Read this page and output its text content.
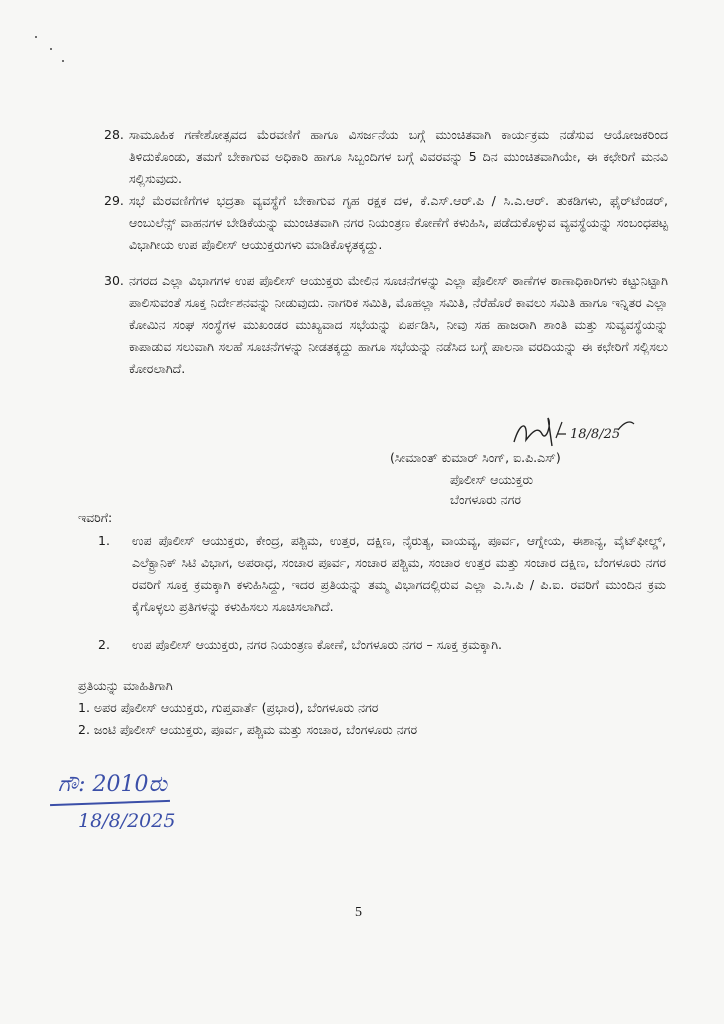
28. ಸಾಮೂಹಿಕ ಗಣೇಶೋತ್ಸವದ ಮೆರವಣಿಗೆ ಹಾಗೂ ವಿಸರ್ಜನೆಯ ಬಗ್ಗೆ ಮುಂಚಿತವಾಗಿ ಕಾರ್ಯಕ್ರಮ ನಡೆಸುವ ಆಯೋಜಕರಿಂದ ತಿಳಿದುಕೊಂಡು, ತಮಗೆ ಬೇಕಾಗುವ ಅಧಿಕಾರಿ ಹಾಗೂ ಸಿಬ್ಬಂದಿಗಳ ಬಗ್ಗೆ ವಿವರವನ್ನು 5 ದಿನ ಮುಂಚಿತವಾಗಿಯೇ, ಈ ಕಛೇರಿಗೆ ಮನವಿ ಸಲ್ಲಿಸುವುದು.
29. ಸಭೆ ಮೆರವಣಿಗೆಗಳ ಭದ್ರತಾ ವ್ಯವಸ್ಥೆಗೆ ಬೇಕಾಗುವ ಗೃಹ ರಕ್ಷಕ ದಳ, ಕೆ.ಎಸ್.ಆರ್.ಪಿ / ಸಿ.ಎ.ಆರ್. ತುಕಡಿಗಳು, ಫೈರ್‌ಟೆಂಡರ್, ಆಂಬುಲೆನ್ಸ್ ವಾಹನಗಳ ಬೇಡಿಕೆಯನ್ನು ಮುಂಚಿತವಾಗಿ ನಗರ ನಿಯಂತ್ರಣ ಕೋಣೆಗೆ ಕಳುಹಿಸಿ, ಪಡೆದುಕೊಳ್ಳುವ ವ್ಯವಸ್ಥೆಯನ್ನು ಸಂಬಂಧಪಟ್ಟ ವಿಭಾಗೀಯ ಉಪ ಪೊಲೀಸ್ ಆಯುಕ್ತರುಗಳು ಮಾಡಿಕೊಳ್ಳತಕ್ಕದ್ದು.
30. ನಗರದ ಎಲ್ಲಾ ವಿಭಾಗಗಳ ಉಪ ಪೊಲೀಸ್ ಆಯುಕ್ತರು ಮೇಲಿನ ಸೂಚನೆಗಳನ್ನು ಎಲ್ಲಾ ಪೊಲೀಸ್ ಠಾಣೆಗಳ ಠಾಣಾಧಿಕಾರಿಗಳು ಕಟ್ಟುನಿಟ್ಟಾಗಿ ಪಾಲಿಸುವಂತೆ ಸೂಕ್ತ ನಿರ್ದೇಶನವನ್ನು ನೀಡುವುದು. ನಾಗರಿಕ ಸಮಿತಿ, ಮೊಹಲ್ಲಾ ಸಮಿತಿ, ನೆರೆಹೊರೆ ಕಾವಲು ಸಮಿತಿ ಹಾಗೂ ಇನ್ನಿತರ ಎಲ್ಲಾ ಕೋಮಿನ ಸಂಘ ಸಂಸ್ಥೆಗಳ ಮುಖಂಡರ ಮುಖ್ಯವಾದ ಸಭೆಯನ್ನು ಏರ್ಪಡಿಸಿ, ನೀವು ಸಹ ಹಾಜರಾಗಿ ಶಾಂತಿ ಮತ್ತು ಸುವ್ಯವಸ್ಥೆಯನ್ನು ಕಾಪಾಡುವ ಸಲುವಾಗಿ ಸಲಹೆ ಸೂಚನೆಗಳನ್ನು ನೀಡತಕ್ಕದ್ದು ಹಾಗೂ ಸಭೆಯನ್ನು ನಡೆಸಿದ ಬಗ್ಗೆ ಪಾಲನಾ ವರದಿಯನ್ನು ಈ ಕಛೇರಿಗೆ ಸಲ್ಲಿಸಲು ಕೋರಲಾಗಿದೆ.
18/8/25
(ಸೀಮಾಂತ್ ಕುಮಾರ್ ಸಿಂಗ್, ಐ.ಪಿ.ಎಸ್)
ಪೊಲೀಸ್ ಆಯುಕ್ತರು
ಬೆಂಗಳೂರು ನಗರ
ಇವರಿಗೆ:
1. ಉಪ ಪೊಲೀಸ್ ಆಯುಕ್ತರು, ಕೇಂದ್ರ, ಪಶ್ಚಿಮ, ಉತ್ತರ, ದಕ್ಷಿಣ, ನೈರುತ್ಯ, ವಾಯವ್ಯ, ಪೂರ್ವ, ಆಗ್ನೇಯ, ಈಶಾನ್ಯ, ವೈಟ್‌ಫೀಲ್ಡ್, ಎಲೆಕ್ಟ್ರಾನಿಕ್ ಸಿಟಿ ವಿಭಾಗ, ಅಪರಾಧ, ಸಂಚಾರ ಪೂರ್ವ, ಸಂಚಾರ ಪಶ್ಚಿಮ, ಸಂಚಾರ ಉತ್ತರ ಮತ್ತು ಸಂಚಾರ ದಕ್ಷಿಣ, ಬೆಂಗಳೂರು ನಗರ ರವರಿಗೆ ಸೂಕ್ತ ಕ್ರಮಕ್ಕಾಗಿ ಕಳುಹಿಸಿದ್ದು, ಇದರ ಪ್ರತಿಯನ್ನು ತಮ್ಮ ವಿಭಾಗದಲ್ಲಿರುವ ಎಲ್ಲಾ ಎ.ಸಿ.ಪಿ / ಪಿ.ಐ. ರವರಿಗೆ ಮುಂದಿನ ಕ್ರಮ ಕೈಗೊಳ್ಳಲು ಪ್ರತಿಗಳನ್ನು ಕಳುಹಿಸಲು ಸೂಚಿಸಲಾಗಿದೆ.
2. ಉಪ ಪೊಲೀಸ್ ಆಯುಕ್ತರು, ನಗರ ನಿಯಂತ್ರಣ ಕೋಣೆ, ಬೆಂಗಳೂರು ನಗರ – ಸೂಕ್ತ ಕ್ರಮಕ್ಕಾಗಿ.
ಪ್ರತಿಯನ್ನು ಮಾಹಿತಿಗಾಗಿ
1. ಅಪರ ಪೊಲೀಸ್ ಆಯುಕ್ತರು, ಗುಪ್ತವಾರ್ತೆ (ಪ್ರಭಾರ), ಬೆಂಗಳೂರು ನಗರ
2. ಜಂಟಿ ಪೊಲೀಸ್ ಆಯುಕ್ತರು, ಪೂರ್ವ, ಪಶ್ಚಿಮ ಮತ್ತು ಸಂಚಾರ, ಬೆಂಗಳೂರು ನಗರ
ಗೌ: 2010ರು
18/8/2025
5
